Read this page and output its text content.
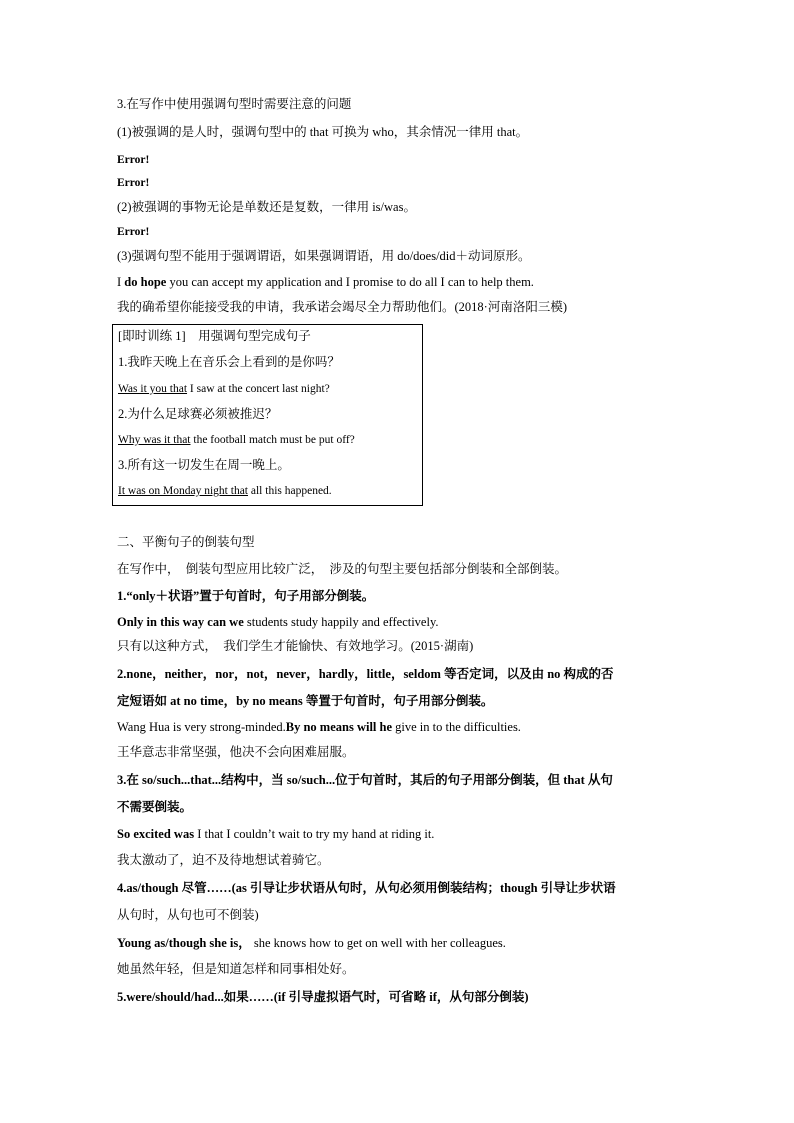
3.在写作中使用强调句型时需要注意的问题
(1)被强调的是人时，强调句型中的 that 可换为 who，其余情况一律用 that。
Error!
Error!
(2)被强调的事物无论是单数还是复数，一律用 is/was。
Error!
(3)强调句型不能用于强调谓语，如果强调谓语，用 do/does/did＋动词原形。
I do hope you can accept my application and I promise to do all I can to help them.
我的确希望你能接受我的申请，我承诺会竭尽全力帮助他们。(2018·河南洛阳三模)
[即时训练 1]　用强调句型完成句子
1.我昨天晚上在音乐会上看到的是你吗？
Was it you that I saw at the concert last night?
2.为什么足球赛必须被推迟？
Why was it that the football match must be put off?
3.所有这一切发生在周一晚上。
It was on Monday night that all this happened.
二、平衡句子的倒装句型
在写作中，　倒装句型应用比较广泛，　涉及的句型主要包括部分倒装和全部倒装。
1.“only＋状语”置于句首时，句子用部分倒装。
Only in this way can we students study happily and effectively.
只有以这种方式，　我们学生才能愉快、有效地学习。(2015·湖南)
2.none，neither，nor，not，never，hardly，little，seldom 等否定词，以及由 no 构成的否
定短语如 at no time，by no means 等置于句首时，句子用部分倒装。
Wang Hua is very strong-minded.By no means will he give in to the difficulties.
王华意志非常坚强，他决不会向困难屈服。
3.在 so/such...that...结构中，当 so/such...位于句首时，其后的句子用部分倒装，但 that 从句
不需要倒装。
So excited was I that I couldn’t wait to try my hand at riding it.
我太激动了，迫不及待地想试着骑它。
4.as/though 尽管……(as 引导让步状语从句时，从句必须用倒装结构；though 引导让步状语
从句时，从句也可不倒装)
Young as/though she is， she knows how to get on well with her colleagues.
她虽然年轻，但是知道怎样和同事相处好。
5.were/should/had...如果……(if 引导虚拟语气时，可省略 if，从句部分倒装)
